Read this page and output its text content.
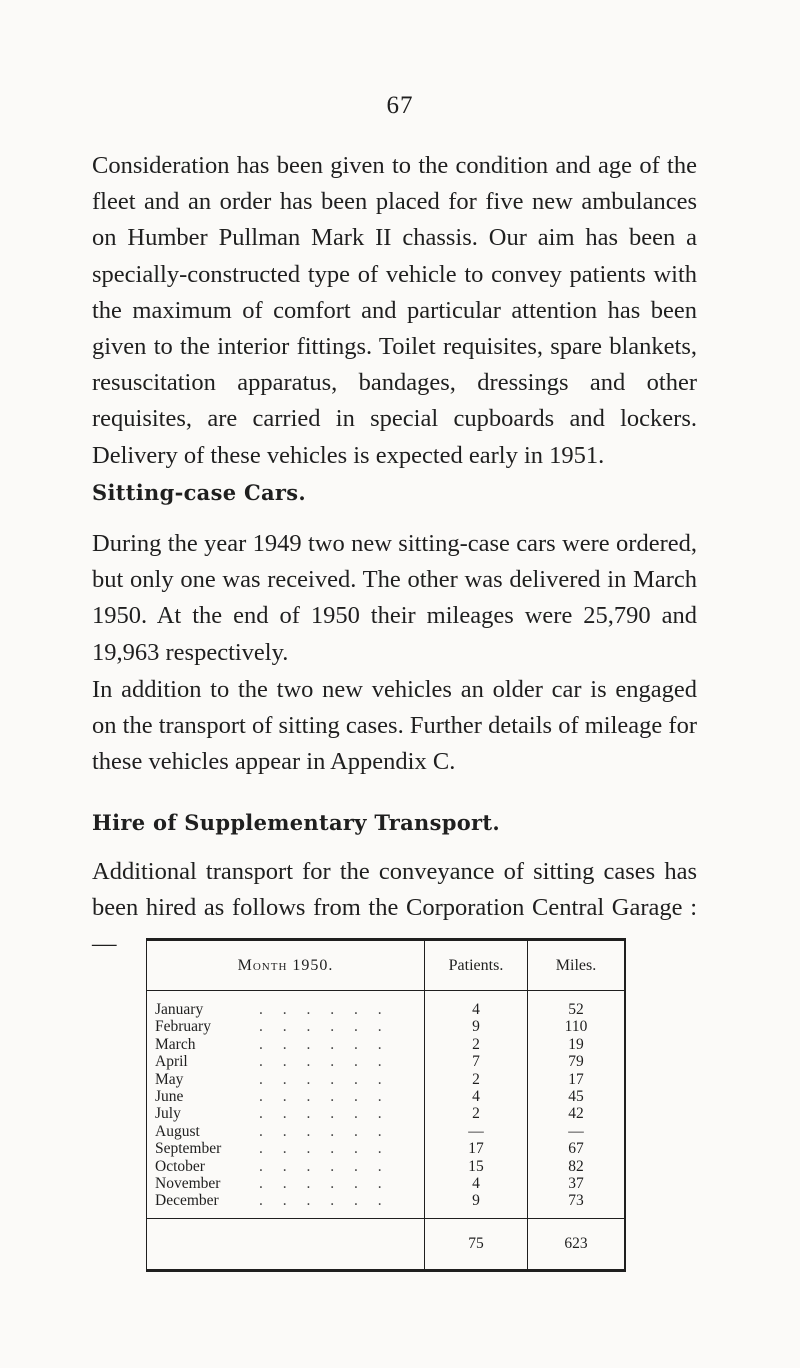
67

Consideration has been given to the condition and age of the fleet and an order has been placed for five new ambulances on Humber Pullman Mark II chassis. Our aim has been a specially-constructed type of vehicle to convey patients with the maximum of comfort and particular attention has been given to the interior fittings. Toilet requisites, spare blankets, resuscitation apparatus, bandages, dressings and other requisites, are carried in special cupboards and lockers. Delivery of these vehicles is expected early in 1951.

Sitting-case Cars.

During the year 1949 two new sitting-case cars were ordered, but only one was received. The other was delivered in March 1950. At the end of 1950 their mileages were 25,790 and 19,963 respectively.

In addition to the two new vehicles an older car is engaged on the transport of sitting cases. Further details of mileage for these vehicles appear in Appendix C.

Hire of Supplementary Transport.

Additional transport for the conveyance of sitting cases has been hired as follows from the Corporation Central Garage :—

Month 1950.	Patients.	Miles.
January . . . . . .	4	52
February . . . . . .	9	110
March . . . . . .	2	19
April . . . . . .	7	79
May . . . . . .	2	17
June . . . . . .	4	45
July . . . . . .	2	42
August . . . . . .	—	—
September . . . . . .	17	67
October . . . . . .	15	82
November . . . . . .	4	37
December . . . . . .	9	73
	75	623
